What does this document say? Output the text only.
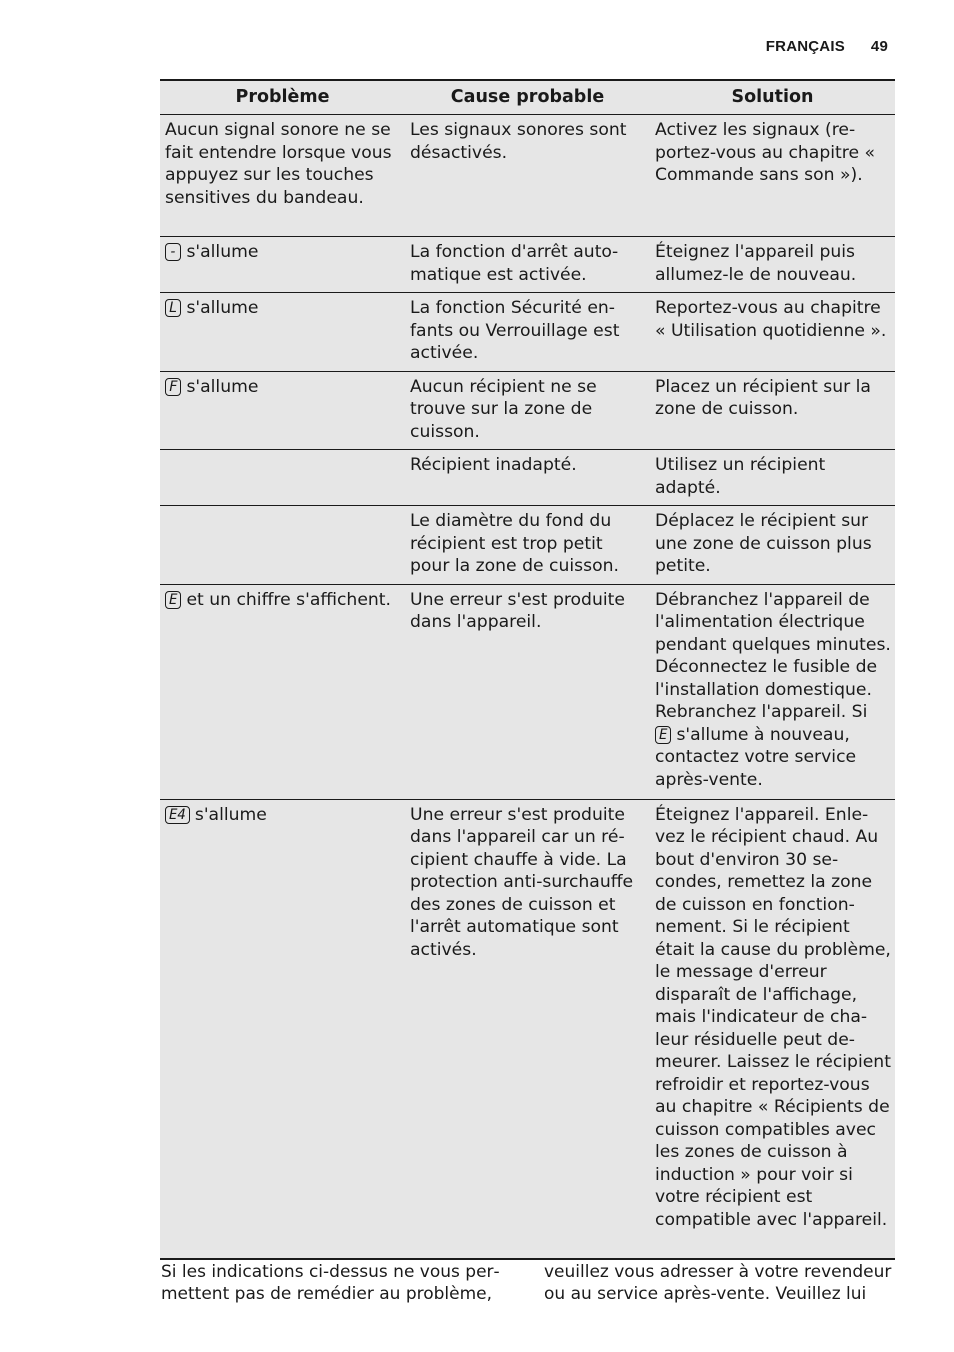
FRANÇAIS 49
Problème	Cause probable	Solution
Aucun signal sonore ne se fait entendre lorsque vous appuyez sur les touches sensitives du bandeau.	Les signaux sonores sont désactivés.	Activez les signaux (reportez-vous au chapitre « Commande sans son »).
- s'allume	La fonction d'arrêt automatique est activée.	Éteignez l'appareil puis allumez-le de nouveau.
L s'allume	La fonction Sécurité enfants ou Verrouillage est activée.	Reportez-vous au chapitre « Utilisation quotidienne ».
F s'allume	Aucun récipient ne se trouve sur la zone de cuisson.	Placez un récipient sur la zone de cuisson.
	Récipient inadapté.	Utilisez un récipient adapté.
	Le diamètre du fond du récipient est trop petit pour la zone de cuisson.	Déplacez le récipient sur une zone de cuisson plus petite.
E et un chiffre s'affichent.	Une erreur s'est produite dans l'appareil.	Débranchez l'appareil de l'alimentation électrique pendant quelques minutes. Déconnectez le fusible de l'installation domestique. Rebranchez l'appareil. Si E s'allume à nouveau, contactez votre service après-vente.
E4 s'allume	Une erreur s'est produite dans l'appareil car un récipient chauffe à vide. La protection anti-surchauffe des zones de cuisson et l'arrêt automatique sont activés.	Éteignez l'appareil. Enlevez le récipient chaud. Au bout d'environ 30 secondes, remettez la zone de cuisson en fonctionnement. Si le récipient était la cause du problème, le message d'erreur disparaît de l'affichage, mais l'indicateur de chaleur résiduelle peut demeurer. Laissez le récipient refroidir et reportez-vous au chapitre « Récipients de cuisson compatibles avec les zones de cuisson à induction » pour voir si votre récipient est compatible avec l'appareil.
Si les indications ci-dessus ne vous permettent pas de remédier au problème,
veuillez vous adresser à votre revendeur ou au service après-vente. Veuillez lui
